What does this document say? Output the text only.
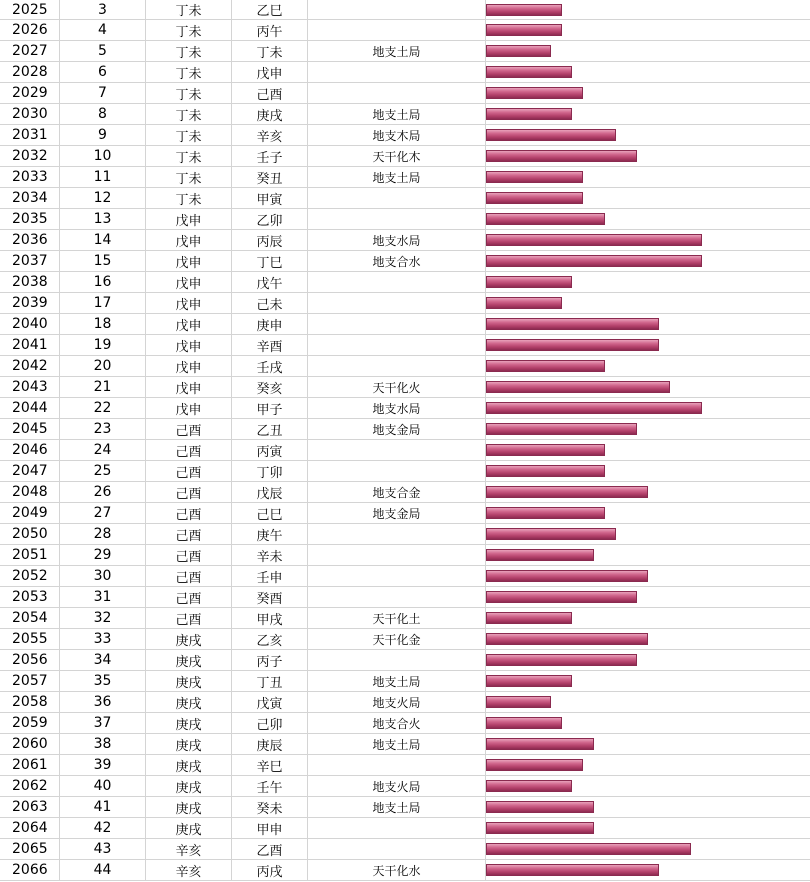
2025	3	丁未	乙巳
2026	4	丁未	丙午
2027	5	丁未	丁未	地支土局
2028	6	丁未	戊申
2029	7	丁未	己酉
2030	8	丁未	庚戌	地支土局
2031	9	丁未	辛亥	地支木局
2032	10	丁未	壬子	天干化木
2033	11	丁未	癸丑	地支土局
2034	12	丁未	甲寅
2035	13	戊申	乙卯
2036	14	戊申	丙辰	地支水局
2037	15	戊申	丁巳	地支合水
2038	16	戊申	戊午
2039	17	戊申	己未
2040	18	戊申	庚申
2041	19	戊申	辛酉
2042	20	戊申	壬戌
2043	21	戊申	癸亥	天干化火
2044	22	戊申	甲子	地支水局
2045	23	己酉	乙丑	地支金局
2046	24	己酉	丙寅
2047	25	己酉	丁卯
2048	26	己酉	戊辰	地支合金
2049	27	己酉	己巳	地支金局
2050	28	己酉	庚午
2051	29	己酉	辛未
2052	30	己酉	壬申
2053	31	己酉	癸酉
2054	32	己酉	甲戌	天干化土
2055	33	庚戌	乙亥	天干化金
2056	34	庚戌	丙子
2057	35	庚戌	丁丑	地支土局
2058	36	庚戌	戊寅	地支火局
2059	37	庚戌	己卯	地支合火
2060	38	庚戌	庚辰	地支土局
2061	39	庚戌	辛巳
2062	40	庚戌	壬午	地支火局
2063	41	庚戌	癸未	地支土局
2064	42	庚戌	甲申
2065	43	辛亥	乙酉
2066	44	辛亥	丙戌	天干化水
